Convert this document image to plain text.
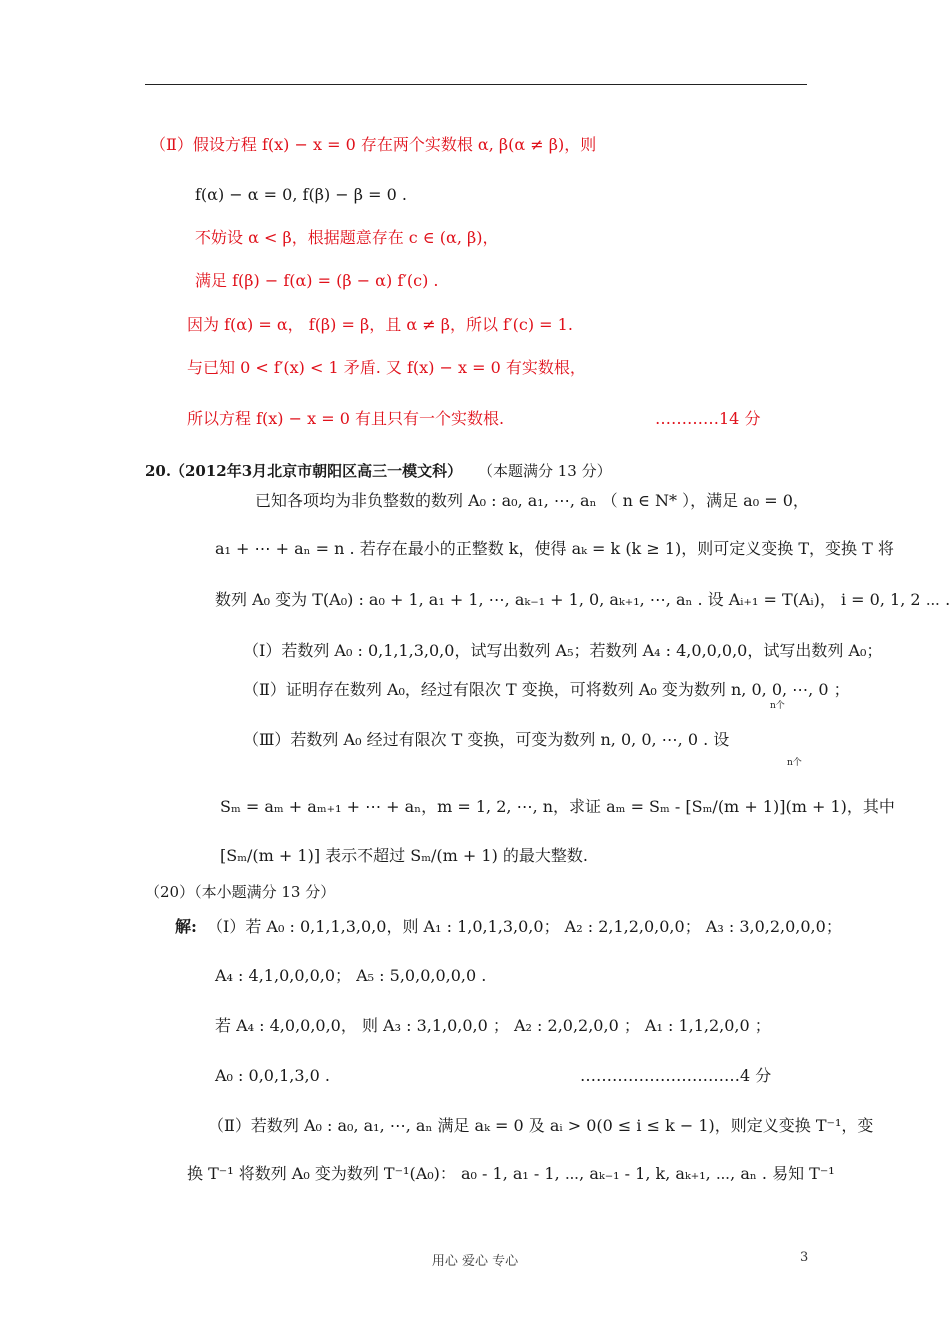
（Ⅱ）假设方程 f(x) − x = 0 存在两个实数根 α, β(α ≠ β)，则
f(α) − α = 0, f(β) − β = 0 .
不妨设 α < β，根据题意存在 c ∈ (α, β)，
满足 f(β) − f(α) = (β − α) f′(c) .
因为 f(α) = α， f(β) = β，且 α ≠ β，所以 f′(c) = 1.
与已知 0 < f′(x) < 1 矛盾. 又 f(x) − x = 0 有实数根，
所以方程 f(x) − x = 0 有且只有一个实数根.	…………14 分
20.
（2012年3月北京市朝阳区高三一模文科） （本题满分 13 分）
已知各项均为非负整数的数列 A₀ : a₀, a₁, ⋯, aₙ （ n ∈ N* ），满足 a₀ = 0，
a₁ + ⋯ + aₙ = n . 若存在最小的正整数 k，使得 aₖ = k (k ≥ 1)，则可定义变换 T，变换 T 将
数列 A₀ 变为 T(A₀) : a₀ + 1, a₁ + 1, ⋯, aₖ₋₁ + 1, 0, aₖ₊₁, ⋯, aₙ . 设 Aᵢ₊₁ = T(Aᵢ)， i = 0, 1, 2 ⋯ .
（Ⅰ）若数列 A₀ : 0,1,1,3,0,0，试写出数列 A₅；若数列 A₄ : 4,0,0,0,0，试写出数列 A₀；
（Ⅱ）证明存在数列 A₀，经过有限次 T 变换，可将数列 A₀ 变为数列 n, 0, 0, ⋯, 0 ；
n个
（Ⅲ）若数列 A₀ 经过有限次 T 变换，可变为数列 n, 0, 0, ⋯, 0 . 设
n个
Sₘ = aₘ + aₘ₊₁ + ⋯ + aₙ，m = 1, 2, ⋯, n，求证 aₘ = Sₘ - [Sₘ/(m + 1)](m + 1)，其中
[Sₘ/(m + 1)] 表示不超过 Sₘ/(m + 1) 的最大整数.
（20）（本小题满分 13 分）
解: （Ⅰ）若 A₀ : 0,1,1,3,0,0，则 A₁ : 1,0,1,3,0,0； A₂ : 2,1,2,0,0,0； A₃ : 3,0,2,0,0,0；
A₄ : 4,1,0,0,0,0； A₅ : 5,0,0,0,0,0 .
若 A₄ : 4,0,0,0,0， 则 A₃ : 3,1,0,0,0 ； A₂ : 2,0,2,0,0 ； A₁ : 1,1,2,0,0 ；
A₀ : 0,0,1,3,0 .	…………………………4 分
（Ⅱ）若数列 A₀ : a₀, a₁, ⋯, aₙ 满足 aₖ = 0 及 aᵢ > 0(0 ≤ i ≤ k − 1)，则定义变换 T⁻¹，变
换 T⁻¹ 将数列 A₀ 变为数列 T⁻¹(A₀)： a₀ - 1, a₁ - 1, ⋯, aₖ₋₁ - 1, k, aₖ₊₁, ⋯, aₙ . 易知 T⁻¹
用心 爱心 专心	3
